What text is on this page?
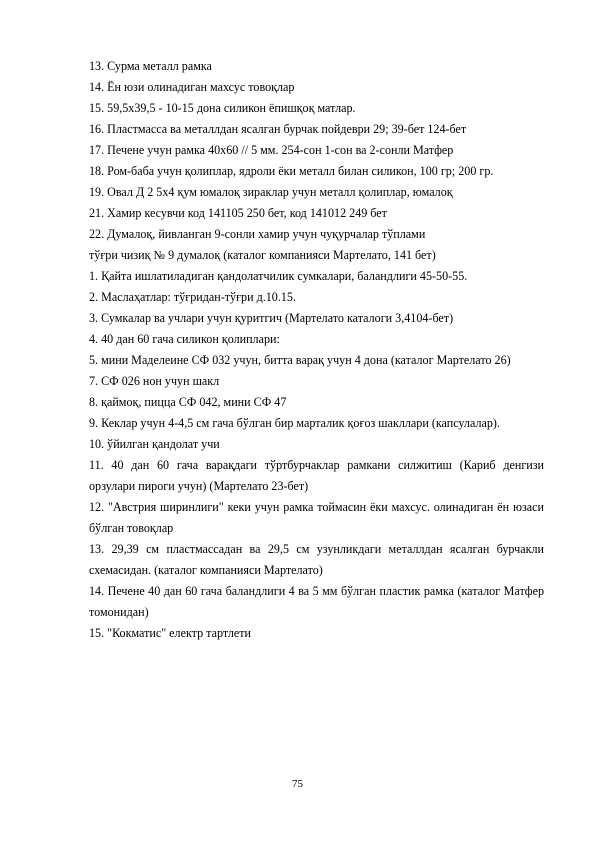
13. Сурма металл рамка
14. Ён юзи олинадиган махсус товоқлар
15. 59,5х39,5 - 10-15 дона силикон ёпишқоқ матлар.
16. Пластмасса ва металлдан ясалган бурчак пойдеври 29; 39-бет 124-бет
17. Печене учун рамка 40х60 // 5 мм. 254-сон 1-сон ва 2-сонли Матфер
18. Ром-баба учун қолиплар, ядроли ёки металл билан силикон, 100 гр; 200 гр.
19. Овал Д 2 5х4 қум юмалоқ зираклар учун металл қолиплар, юмалоқ
21. Хамир кесувчи код 141105 250 бет, код 141012 249 бет
22. Думалоқ, йивланган 9-сонли хамир учун чуқурчалар тўплами
тўғри чизиқ № 9 думалоқ (каталог компанияси Мартелато, 141 бет)
1. Қайта ишлатиладиган қандолатчилик сумкалари, баландлиги 45-50-55.
2. Маслаҳатлар: тўғридан-тўғри д.10.15.
3. Сумкалар ва учлари учун қуритгич (Мартелато каталоги 3,4104-бет)
4. 40 дан 60 гача силикон қолиплари:
5. мини Маделеине СФ 032 учун, битта варақ учун 4 дона (каталог Мартелато 26)
7. СФ 026 нон учун шакл
8. қаймоқ, пицца СФ 042, мини СФ 47
9. Кеклар учун 4-4,5 см гача бўлган бир марталик қоғоз шакллари (капсулалар).
10. ўйилган қандолат учи
11. 40 дан 60 гача варақдаги тўртбурчаклар рамкани силжитиш (Кариб денгизи орзулари пироги учун) (Мартелато 23-бет)
12. "Австрия ширинлиги" кеки учун рамка тоймасин ёки махсус. олинадиган ён юзаси бўлган товоқлар
13. 29,39 см пластмассадан ва 29,5 см узунликдаги металлдан ясалган бурчакли схемасидан. (каталог компанияси Мартелато)
14. Печене 40 дан 60 гача баландлиги 4 ва 5 мм бўлган пластик рамка (каталог Матфер томонидан)
15. "Кокматис" електр тартлети
75
